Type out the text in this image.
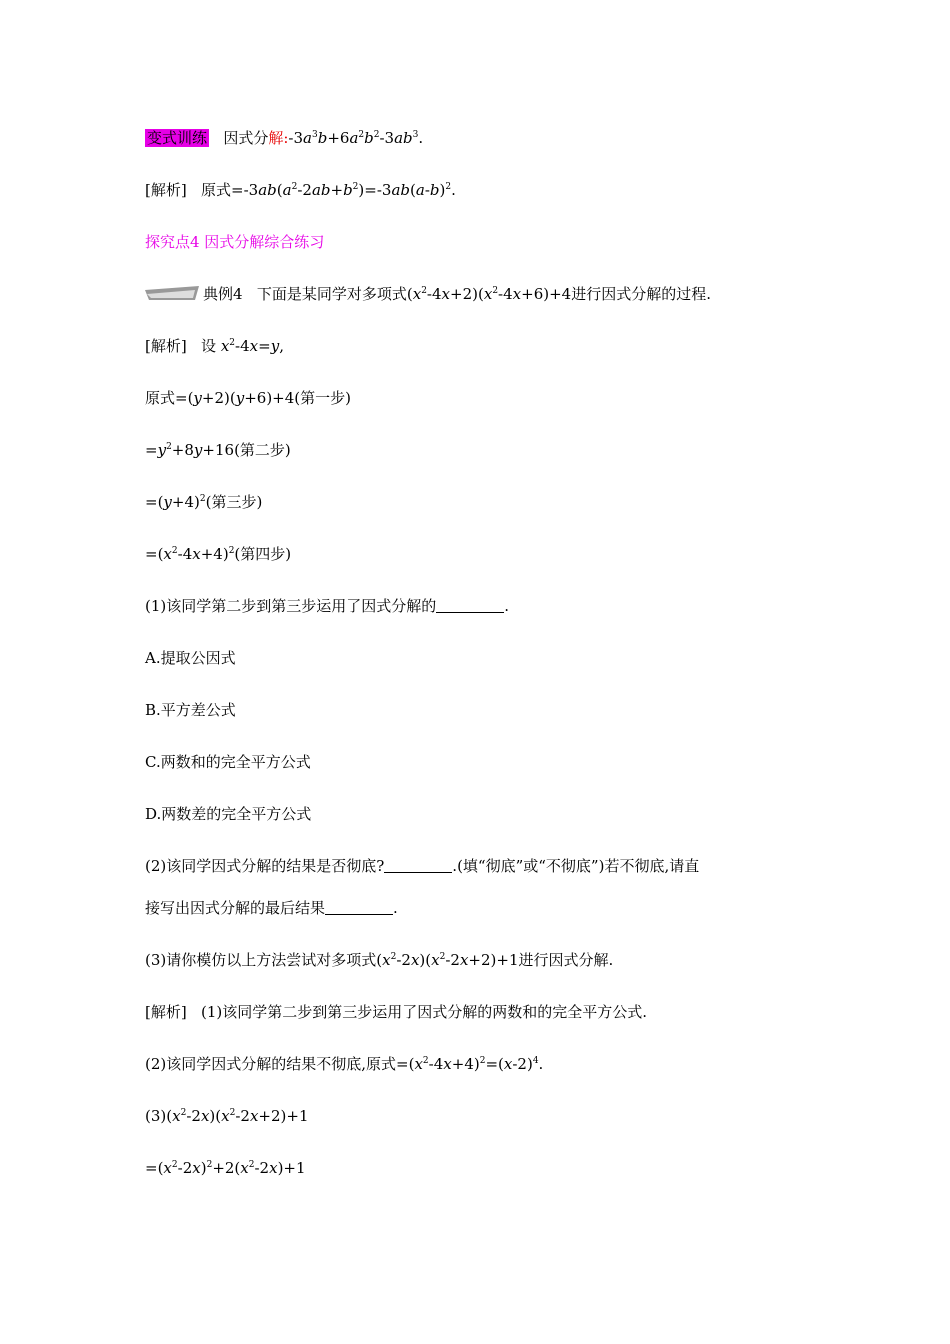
变式训练 因式分解$:-3a^3b+6a^2b^2-3ab^3$.
[解析] 原式$=-3ab(a^2-2ab+b^2)=-3ab(a-b)^2$.
探究点4 因式分解综合练习
典例4 下面是某同学对多项式$(x^2-4x+2)(x^2-4x+6)+4$进行因式分解的过程.
[解析] 设 $x^2-4x=y$,
原式=(y+2)(y+6)+4(第一步)
$=y^2+8y+16$(第二步)
$=(y+4)^2$(第三步)
$=(x^2-4x+4)^2$(第四步)
(1)该同学第二步到第三步运用了因式分解的	.
A.提取公因式
B.平方差公式
C.两数和的完全平方公式
D.两数差的完全平方公式
(2)该同学因式分解的结果是否彻底?	.(填“彻底”或“不彻底”)若不彻底,请直
接写出因式分解的最后结果	.
(3)请你模仿以上方法尝试对多项式$(x^2-2x)(x^2-2x+2)+1$进行因式分解.
[解析] (1)该同学第二步到第三步运用了因式分解的两数和的完全平方公式.
(2)该同学因式分解的结果不彻底,原式$=(x^2-4x+4)^2=(x-2)^4$.
$(3)(x^2-2x)(x^2-2x+2)+1$
$=(x^2-2x)^2+2(x^2-2x)+1$
